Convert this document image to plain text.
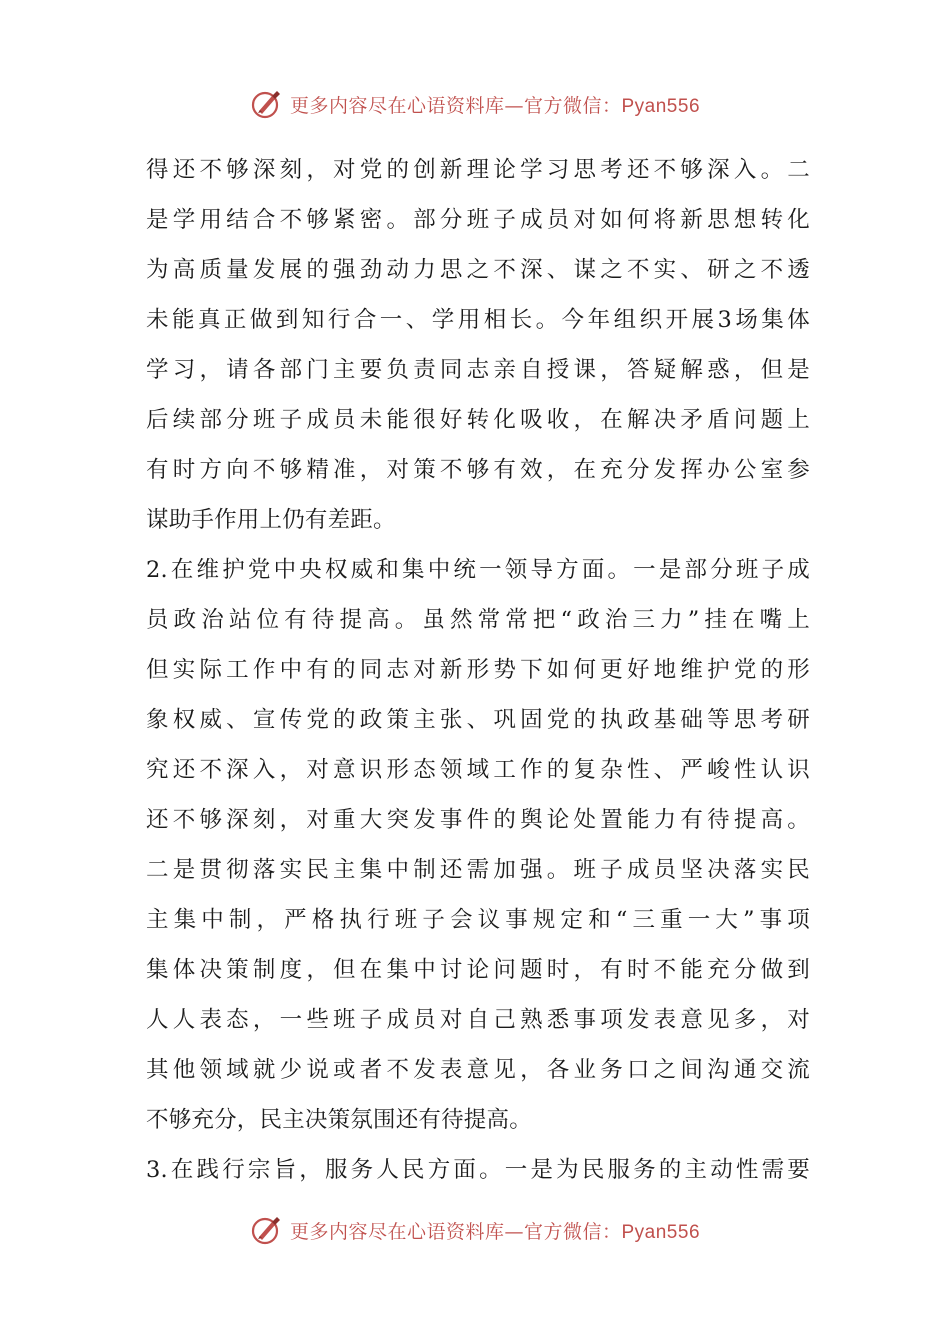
更多内容尽在心语资料库—官方微信：Pyan556
得还不够深刻，对党的创新理论学习思考还不够深入。二
是学用结合不够紧密。部分班子成员对如何将新思想转化
为高质量发展的强劲动力思之不深、谋之不实、研之不透
未能真正做到知行合一、学用相长。今年组织开展3场集体
学习，请各部门主要负责同志亲自授课，答疑解惑，但是
后续部分班子成员未能很好转化吸收，在解决矛盾问题上
有时方向不够精准，对策不够有效，在充分发挥办公室参
谋助手作用上仍有差距。
2.在维护党中央权威和集中统一领导方面。一是部分班子成
员政治站位有待提高。虽然常常把“政治三力”挂在嘴上
但实际工作中有的同志对新形势下如何更好地维护党的形
象权威、宣传党的政策主张、巩固党的执政基础等思考研
究还不深入，对意识形态领域工作的复杂性、严峻性认识
还不够深刻，对重大突发事件的舆论处置能力有待提高。
二是贯彻落实民主集中制还需加强。班子成员坚决落实民
主集中制，严格执行班子会议事规定和“三重一大”事项
集体决策制度，但在集中讨论问题时，有时不能充分做到
人人表态，一些班子成员对自己熟悉事项发表意见多，对
其他领域就少说或者不发表意见，各业务口之间沟通交流
不够充分，民主决策氛围还有待提高。
3.在践行宗旨，服务人民方面。一是为民服务的主动性需要
更多内容尽在心语资料库—官方微信：Pyan556
